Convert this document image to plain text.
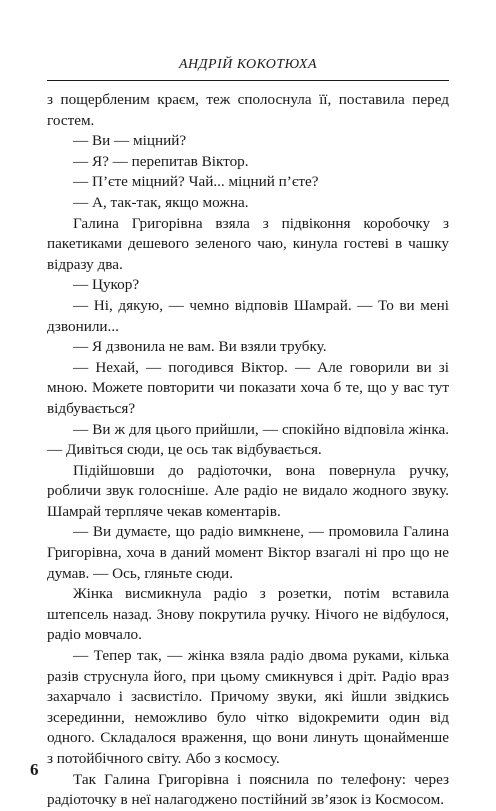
АНДРІЙ КОКОТЮХА

з пощербленим краєм, теж сполоснула її, поставила перед гостем.

— Ви — міцний?

— Я? — перепитав Віктор.

— П’єте міцний? Чай... міцний п’єте?

— А, так-так, якщо можна.

Галина Григорівна взяла з підвіконня коробочку з пакетиками дешевого зеленого чаю, кинула гостеві в чашку відразу два.

— Цукор?

— Ні, дякую, — чемно відповів Шамрай. — То ви мені дзвонили...

— Я дзвонила не вам. Ви взяли трубку.

— Нехай, — погодився Віктор. — Але говорили ви зі мною. Можете повторити чи показати хоча б те, що у вас тут відбувається?

— Ви ж для цього прийшли, — спокійно відповіла жінка. — Дивіться сюди, це ось так відбувається.

Підійшовши до радіоточки, вона повернула ручку, робличи звук голосніше. Але радіо не видало жодного звуку. Шамрай терпляче чекав коментарів.

— Ви думаєте, що радіо вимкнене, — промовила Галина Григорівна, хоча в даний момент Віктор взагалі ні про що не думав. — Ось, гляньте сюди.

Жінка висмикнула радіо з розетки, потім вставила штепсель назад. Знову покрутила ручку. Нічого не відбулося, радіо мовчало.

— Тепер так, — жінка взяла радіо двома руками, кілька разів струснула його, при цьому смикнувся і дріт. Радіо враз захарчало і засвистіло. Причому звуки, які йшли звідкись зсерединни, неможливо було чітко відокремити один від одного. Складалося враження, що вони линуть щонайменше з потойбічного світу. Або з космосу.

Так Галина Григорівна і пояснила по телефону: через радіоточку в неї налагоджено постійний зв’язок із Космосом.

6
